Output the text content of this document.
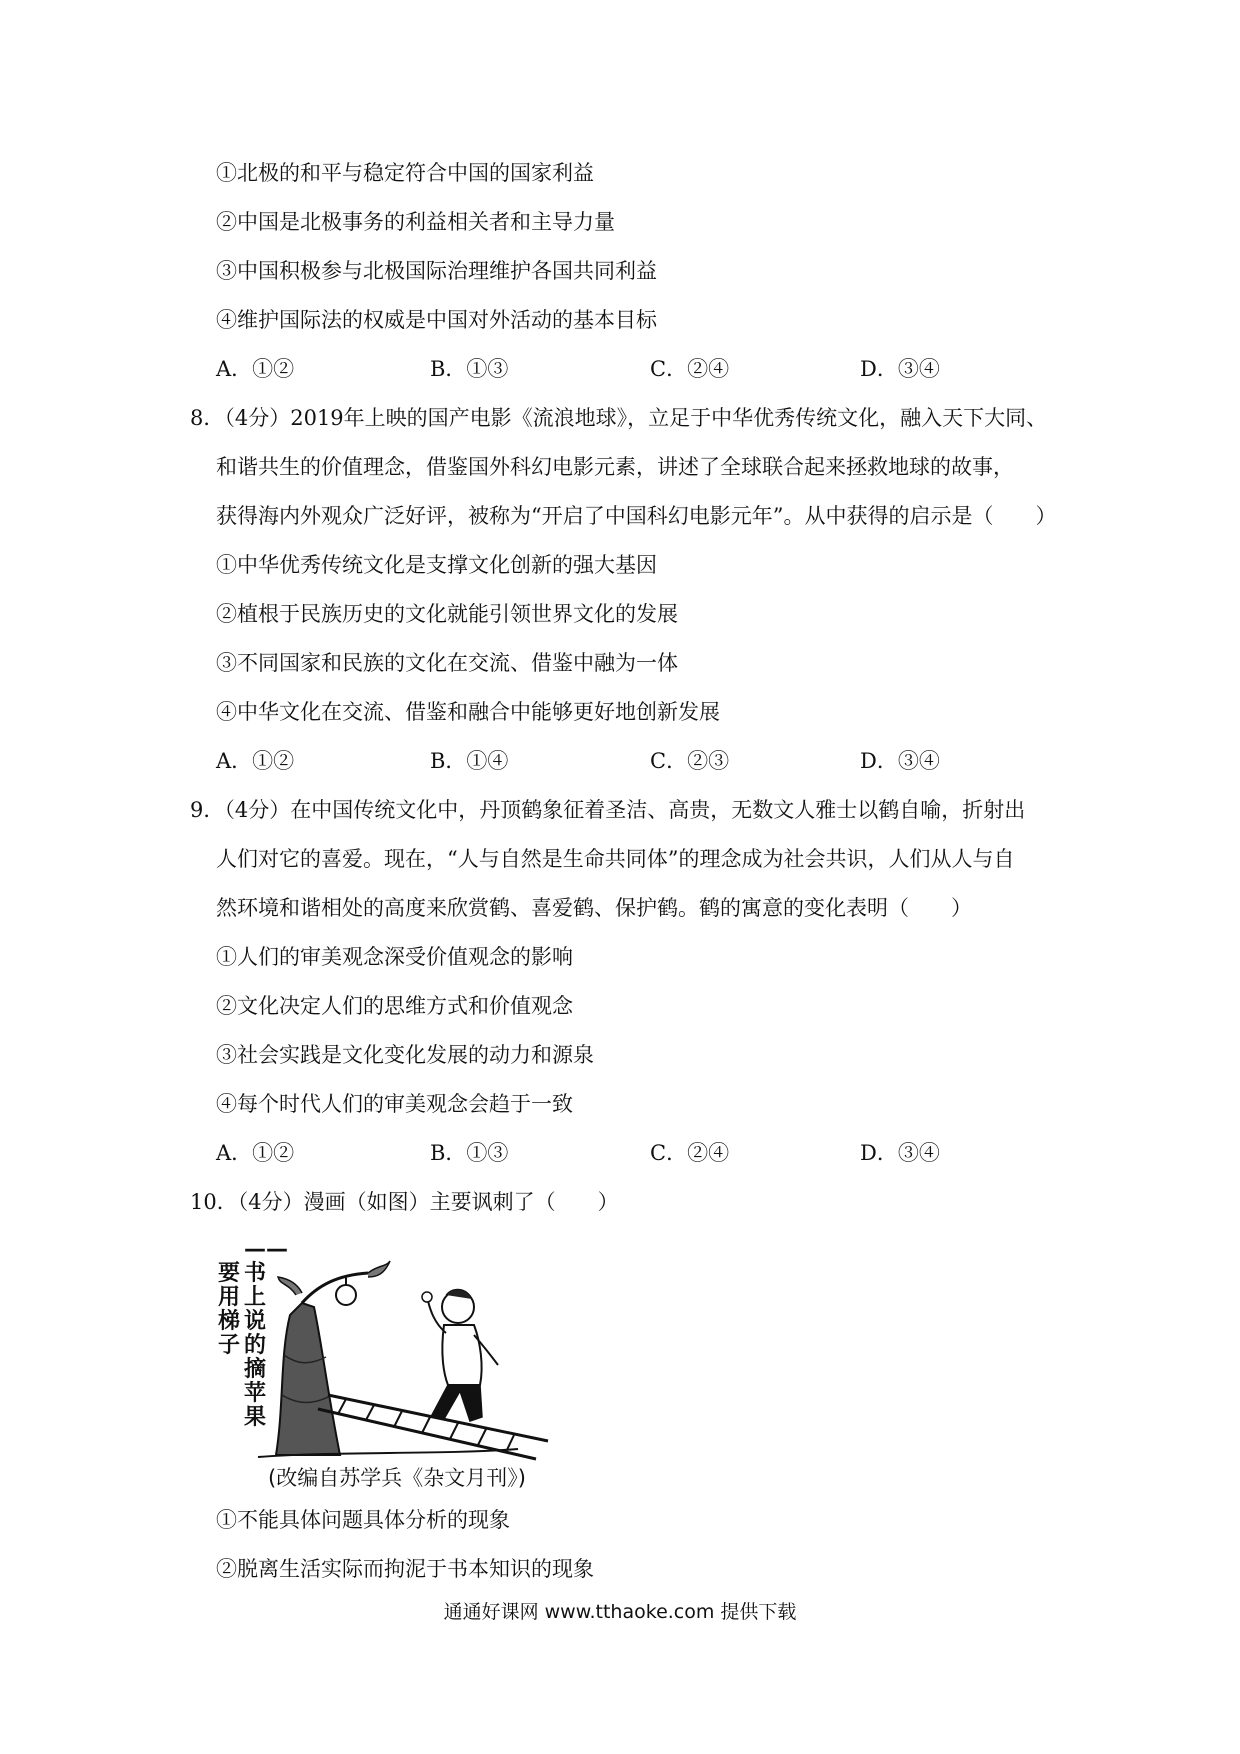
①北极的和平与稳定符合中国的国家利益
②中国是北极事务的利益相关者和主导力量
③中国积极参与北极国际治理维护各国共同利益
④维护国际法的权威是中国对外活动的基本目标
A．①②	B．①③	C．②④	D．③④
8．（4分）2019年上映的国产电影《流浪地球》，立足于中华优秀传统文化，融入天下大同、
和谐共生的价值理念，借鉴国外科幻电影元素，讲述了全球联合起来拯救地球的故事，
获得海内外观众广泛好评，被称为“开启了中国科幻电影元年”。从中获得的启示是（　　）
①中华优秀传统文化是支撑文化创新的强大基因
②植根于民族历史的文化就能引领世界文化的发展
③不同国家和民族的文化在交流、借鉴中融为一体
④中华文化在交流、借鉴和融合中能够更好地创新发展
A．①②	B．①④	C．②③	D．③④
9．（4分）在中国传统文化中，丹顶鹤象征着圣洁、高贵，无数文人雅士以鹤自喻，折射出
人们对它的喜爱。现在，“人与自然是生命共同体”的理念成为社会共识，人们从人与自
然环境和谐相处的高度来欣赏鹤、喜爱鹤、保护鹤。鹤的寓意的变化表明（　　）
①人们的审美观念深受价值观念的影响
②文化决定人们的思维方式和价值观念
③社会实践是文化变化发展的动力和源泉
④每个时代人们的审美观念会趋于一致
A．①②	B．①③	C．②④	D．③④
10．（4分）漫画（如图）主要讽刺了（　　）
——书上说的摘苹果
要用梯子
(改编自苏学兵《杂文月刊》)
①不能具体问题具体分析的现象
②脱离生活实际而拘泥于书本知识的现象
通通好课网 www.tthaoke.com 提供下载
